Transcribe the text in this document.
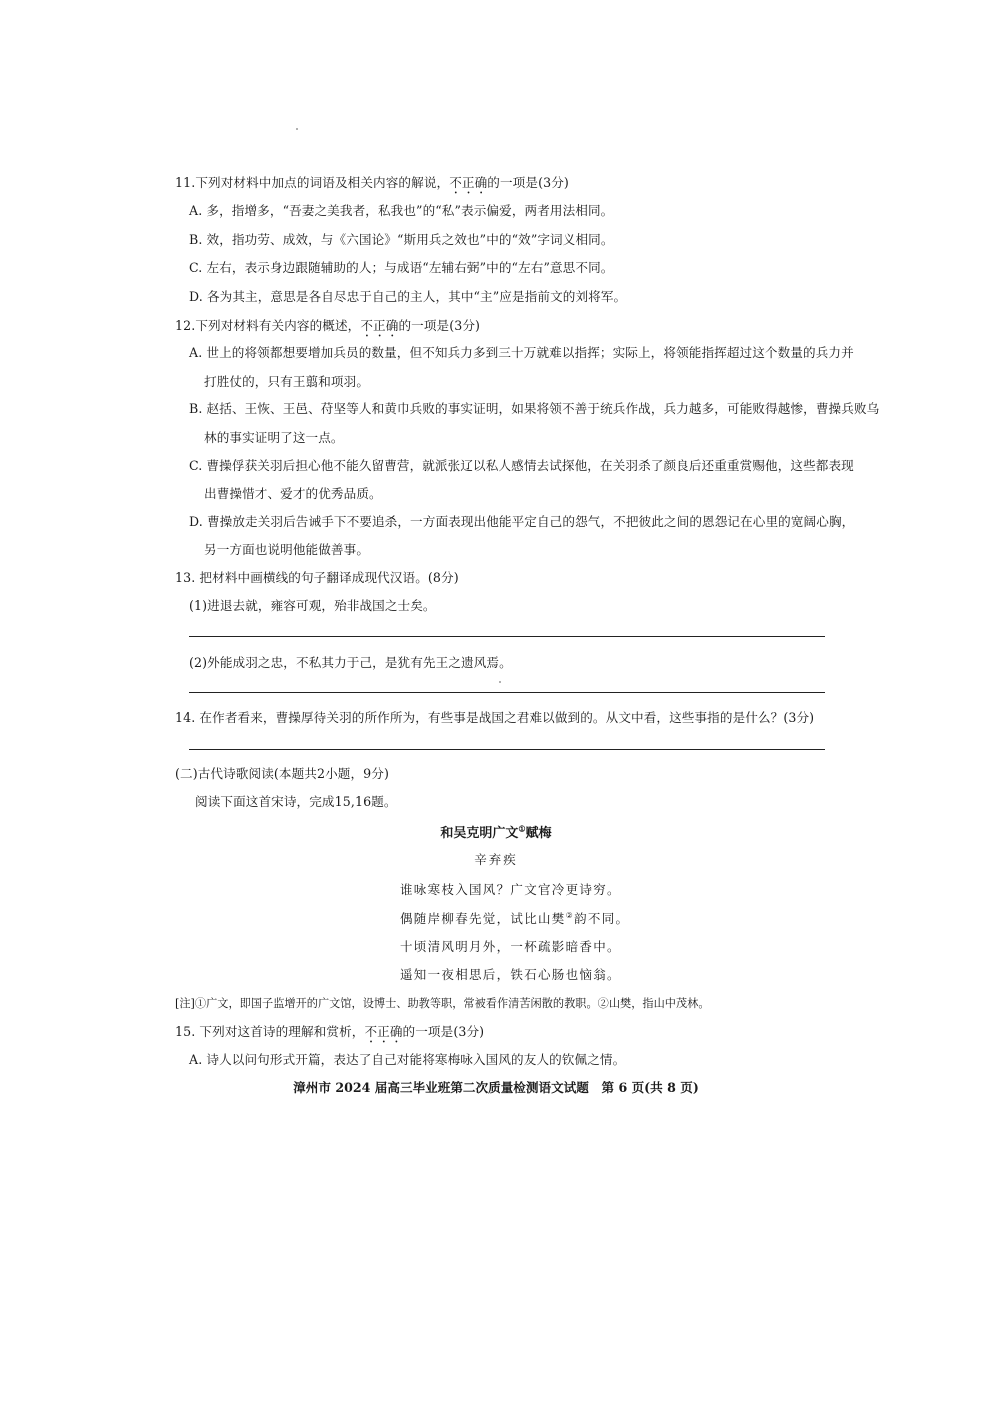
11.下列对材料中加点的词语及相关内容的解说，不正确的一项是(3分)
A. 多，指增多，“吾妻之美我者，私我也”的“私”表示偏爱，两者用法相同。
B. 效，指功劳、成效，与《六国论》“斯用兵之效也”中的“效”字词义相同。
C. 左右，表示身边跟随辅助的人；与成语“左辅右弼”中的“左右”意思不同。
D. 各为其主，意思是各自尽忠于自己的主人，其中“主”应是指前文的刘将军。
12.下列对材料有关内容的概述，不正确的一项是(3分)
A. 世上的将领都想要增加兵员的数量，但不知兵力多到三十万就难以指挥；实际上，将领能指挥超过这个数量的兵力并
打胜仗的，只有王翦和项羽。
B. 赵括、王恢、王邑、苻坚等人和黄巾兵败的事实证明，如果将领不善于统兵作战，兵力越多，可能败得越惨，曹操兵败乌
林的事实证明了这一点。
C. 曹操俘获关羽后担心他不能久留曹营，就派张辽以私人感情去试探他，在关羽杀了颜良后还重重赏赐他，这些都表现
出曹操惜才、爱才的优秀品质。
D. 曹操放走关羽后告诫手下不要追杀，一方面表现出他能平定自己的怨气，不把彼此之间的恩怨记在心里的宽阔心胸，
另一方面也说明他能做善事。
13. 把材料中画横线的句子翻译成现代汉语。(8分)
(1)进退去就，雍容可观，殆非战国之士矣。
(2)外能成羽之忠，不私其力于己，是犹有先王之遗风焉。
14. 在作者看来，曹操厚待关羽的所作所为，有些事是战国之君难以做到的。从文中看，这些事指的是什么？(3分)
(二)古代诗歌阅读(本题共2小题，9分)
阅读下面这首宋诗，完成15,16题。
和吴克明广文①赋梅
辛弃疾
谁咏寒枝入国风？广文官冷更诗穷。
偶随岸柳春先觉，试比山樊②韵不同。
十顷清风明月外，一杯疏影暗香中。
遥知一夜相思后，铁石心肠也恼翁。
[注]①广文，即国子监增开的广文馆，设博士、助教等职，常被看作清苦闲散的教职。②山樊，指山中茂林。
15. 下列对这首诗的理解和赏析，不正确的一项是(3分)
A. 诗人以问句形式开篇，表达了自己对能将寒梅咏入国风的友人的钦佩之情。
漳州市 2024 届高三毕业班第二次质量检测语文试题　第 6 页(共 8 页)
